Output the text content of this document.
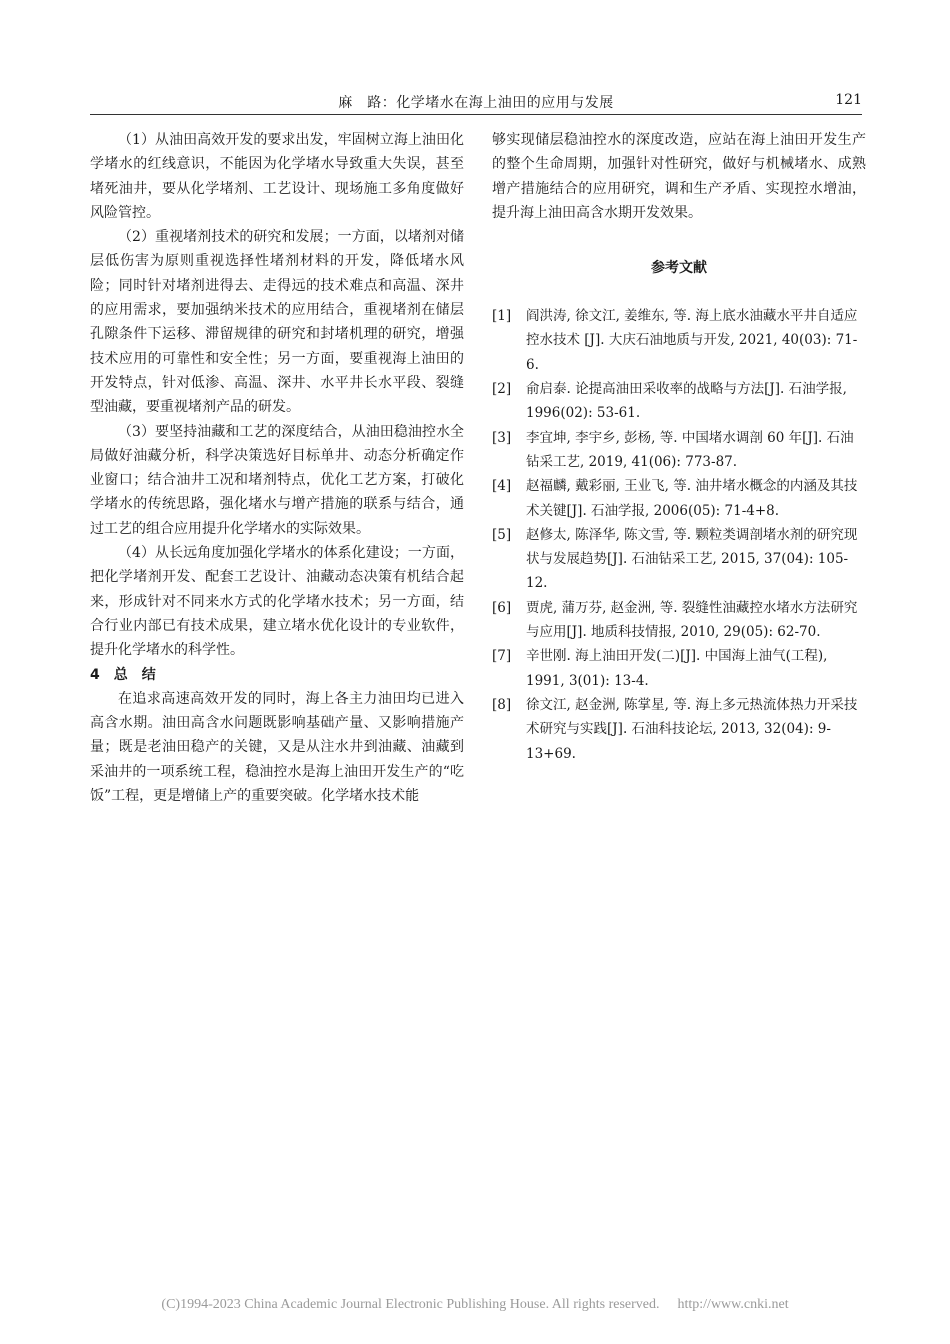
麻　路：化学堵水在海上油田的应用与发展	121

（1）从油田高效开发的要求出发，牢固树立海上油田化学堵水的红线意识，不能因为化学堵水导致重大失误，甚至堵死油井，要从化学堵剂、工艺设计、现场施工多角度做好风险管控。

（2）重视堵剂技术的研究和发展；一方面，以堵剂对储层低伤害为原则重视选择性堵剂材料的开发，降低堵水风险；同时针对堵剂进得去、走得远的技术难点和高温、深井的应用需求，要加强纳米技术的应用结合，重视堵剂在储层孔隙条件下运移、滞留规律的研究和封堵机理的研究，增强技术应用的可靠性和安全性；另一方面，要重视海上油田的开发特点，针对低渗、高温、深井、水平井长水平段、裂缝型油藏，要重视堵剂产品的研发。

（3）要坚持油藏和工艺的深度结合，从油田稳油控水全局做好油藏分析，科学决策选好目标单井、动态分析确定作业窗口；结合油井工况和堵剂特点，优化工艺方案，打破化学堵水的传统思路，强化堵水与增产措施的联系与结合，通过工艺的组合应用提升化学堵水的实际效果。

（4）从长远角度加强化学堵水的体系化建设；一方面，把化学堵剂开发、配套工艺设计、油藏动态决策有机结合起来，形成针对不同来水方式的化学堵水技术；另一方面，结合行业内部已有技术成果，建立堵水优化设计的专业软件，提升化学堵水的科学性。

4　总　结

在追求高速高效开发的同时，海上各主力油田均已进入高含水期。油田高含水问题既影响基础产量、又影响措施产量；既是老油田稳产的关键，又是从注水井到油藏、油藏到采油井的一项系统工程，稳油控水是海上油田开发生产的“吃饭”工程，更是增储上产的重要突破。化学堵水技术能

够实现储层稳油控水的深度改造，应站在海上油田开发生产的整个生命周期，加强针对性研究，做好与机械堵水、成熟增产措施结合的应用研究，调和生产矛盾、实现控水增油，提升海上油田高含水期开发效果。

参考文献
[1]	阎洪涛, 徐文江, 姜维东, 等. 海上底水油藏水平井自适应控水技术 [J]. 大庆石油地质与开发, 2021, 40(03): 71-6.
[2]	俞启泰. 论提高油田采收率的战略与方法[J]. 石油学报, 1996(02): 53-61.
[3]	李宜坤, 李宇乡, 彭杨, 等. 中国堵水调剖 60 年[J]. 石油钻采工艺, 2019, 41(06): 773-87.
[4]	赵福麟, 戴彩丽, 王业飞, 等. 油井堵水概念的内涵及其技术关键[J]. 石油学报, 2006(05): 71-4+8.
[5]	赵修太, 陈泽华, 陈文雪, 等. 颗粒类调剖堵水剂的研究现状与发展趋势[J]. 石油钻采工艺, 2015, 37(04): 105-12.
[6]	贾虎, 蒲万芬, 赵金洲, 等. 裂缝性油藏控水堵水方法研究与应用[J]. 地质科技情报, 2010, 29(05): 62-70.
[7]	辛世刚. 海上油田开发(二)[J]. 中国海上油气(工程), 1991, 3(01): 13-4.
[8]	徐文江, 赵金洲, 陈掌星, 等. 海上多元热流体热力开采技术研究与实践[J]. 石油科技论坛, 2013, 32(04): 9-13+69.
(C)1994-2023 China Academic Journal Electronic Publishing House. All rights reserved. http://www.cnki.net
